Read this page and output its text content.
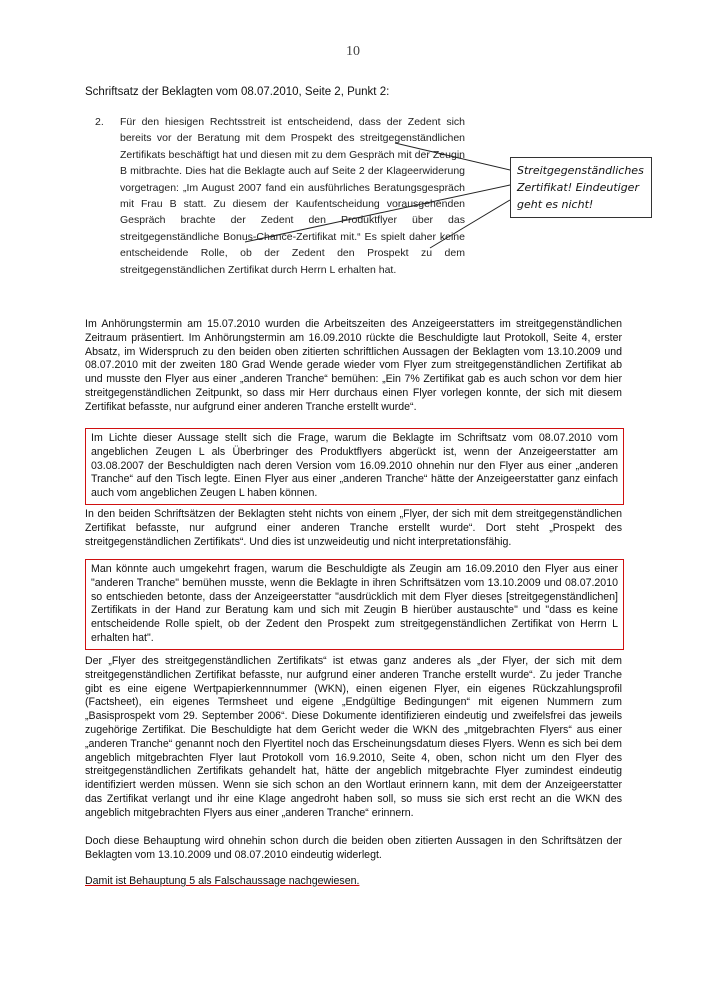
10
Schriftsatz der Beklagten vom 08.07.2010, Seite 2, Punkt 2:
2. Für den hiesigen Rechtsstreit ist entscheidend, dass der Zedent sich bereits vor der Beratung mit dem Prospekt des streitgegenständlichen Zertifikats beschäftigt hat und diesen mit zu dem Gespräch mit der Zeugin B mitbrachte. Dies hat die Beklagte auch auf Seite 2 der Klageerwiderung vorgetragen: „Im August 2007 fand ein ausführliches Beratungsgespräch mit Frau B statt. Zu diesem der Kaufentscheidung vorausgehenden Gespräch brachte der Zedent den Produktflyer über das streitgegenständliche Bonus-Chance-Zertifikat mit.“ Es spielt daher keine entscheidende Rolle, ob der Zedent den Prospekt zu dem streitgegenständlichen Zertifikat durch Herrn L erhalten hat.
Streitgegenständliches Zertifikat! Eindeutiger geht es nicht!
Im Anhörungstermin am 15.07.2010 wurden die Arbeitszeiten des Anzeigeerstatters im streitgegenständlichen Zeitraum präsentiert. Im Anhörungstermin am 16.09.2010 rückte die Beschuldigte laut Protokoll, Seite 4, erster Absatz, im Widerspruch zu den beiden oben zitierten schriftlichen Aussagen der Beklagten vom 13.10.2009 und 08.07.2010 mit der zweiten 180 Grad Wende gerade wieder vom Flyer zum streitgegenständlichen Zertifikat ab und musste den Flyer aus einer „anderen Tranche“ bemühen: „Ein 7% Zertifikat gab es auch schon vor dem hier streitgegenständlichen Zeitpunkt, so dass mir Herr durchaus einen Flyer vorlegen konnte, der sich mit diesem Zertifikat befasste, nur aufgrund einer anderen Tranche erstellt wurde“.
Im Lichte dieser Aussage stellt sich die Frage, warum die Beklagte im Schriftsatz vom 08.07.2010 vom angeblichen Zeugen L als Überbringer des Produktflyers abgerückt ist, wenn der Anzeigeerstatter am 03.08.2007 der Beschuldigten nach deren Version vom 16.09.2010 ohnehin nur den Flyer aus einer „anderen Tranche“ auf den Tisch legte. Einen Flyer aus einer „anderen Tranche“ hätte der Anzeigeerstatter ganz einfach auch vom angeblichen Zeugen L haben können.
In den beiden Schriftsätzen der Beklagten steht nichts von einem „Flyer, der sich mit dem streitgegenständlichen Zertifikat befasste, nur aufgrund einer anderen Tranche erstellt wurde“. Dort steht „Prospekt des streitgegenständlichen Zertifikats“. Und dies ist unzweideutig und nicht interpretationsfähig.
Man könnte auch umgekehrt fragen, warum die Beschuldigte als Zeugin am 16.09.2010 den Flyer aus einer "anderen Tranche" bemühen musste, wenn die Beklagte in ihren Schriftsätzen vom 13.10.2009 und 08.07.2010 so entschieden betonte, dass der Anzeigeerstatter "ausdrücklich mit dem Flyer dieses [streitgegenständlichen] Zertifikats in der Hand zur Beratung kam und sich mit Zeugin B hierüber austauschte" und "dass es keine entscheidende Rolle spielt, ob der Zedent den Prospekt zum streitgegenständlichen Zertifikat von Herrn L erhalten hat".
Der „Flyer des streitgegenständlichen Zertifikats“ ist etwas ganz anderes als „der Flyer, der sich mit dem streitgegenständlichen Zertifikat befasste, nur aufgrund einer anderen Tranche erstellt wurde“. Zu jeder Tranche gibt es eine eigene Wertpapierkennnummer (WKN), einen eigenen Flyer, ein eigenes Rückzahlungsprofil (Factsheet), ein eigenes Termsheet und eigene „Endgültige Bedingungen“ mit eigenen Nummern zum „Basisprospekt vom 29. September 2006“. Diese Dokumente identifizieren eindeutig und zweifelsfrei das jeweils zugehörige Zertifikat. Die Beschuldigte hat dem Gericht weder die WKN des „mitgebrachten Flyers“ aus einer „anderen Tranche“ genannt noch den Flyertitel noch das Erscheinungsdatum dieses Flyers. Wenn es sich bei dem angeblich mitgebrachten Flyer laut Protokoll vom 16.9.2010, Seite 4, oben, schon nicht um den Flyer des streitgegenständlichen Zertifikats gehandelt hat, hätte der angeblich mitgebrachte Flyer zumindest eindeutig identifiziert werden müssen. Wenn sie sich schon an den Wortlaut erinnern kann, mit dem der Anzeigeerstatter das Zertifikat verlangt und ihr eine Klage angedroht haben soll, so muss sie sich erst recht an die WKN des angeblich mitgebrachten Flyers aus einer „anderen Tranche“ erinnern.
Doch diese Behauptung wird ohnehin schon durch die beiden oben zitierten Aussagen in den Schriftsätzen der Beklagten vom 13.10.2009 und 08.07.2010 eindeutig widerlegt.
Damit ist Behauptung 5 als Falschaussage nachgewiesen.
